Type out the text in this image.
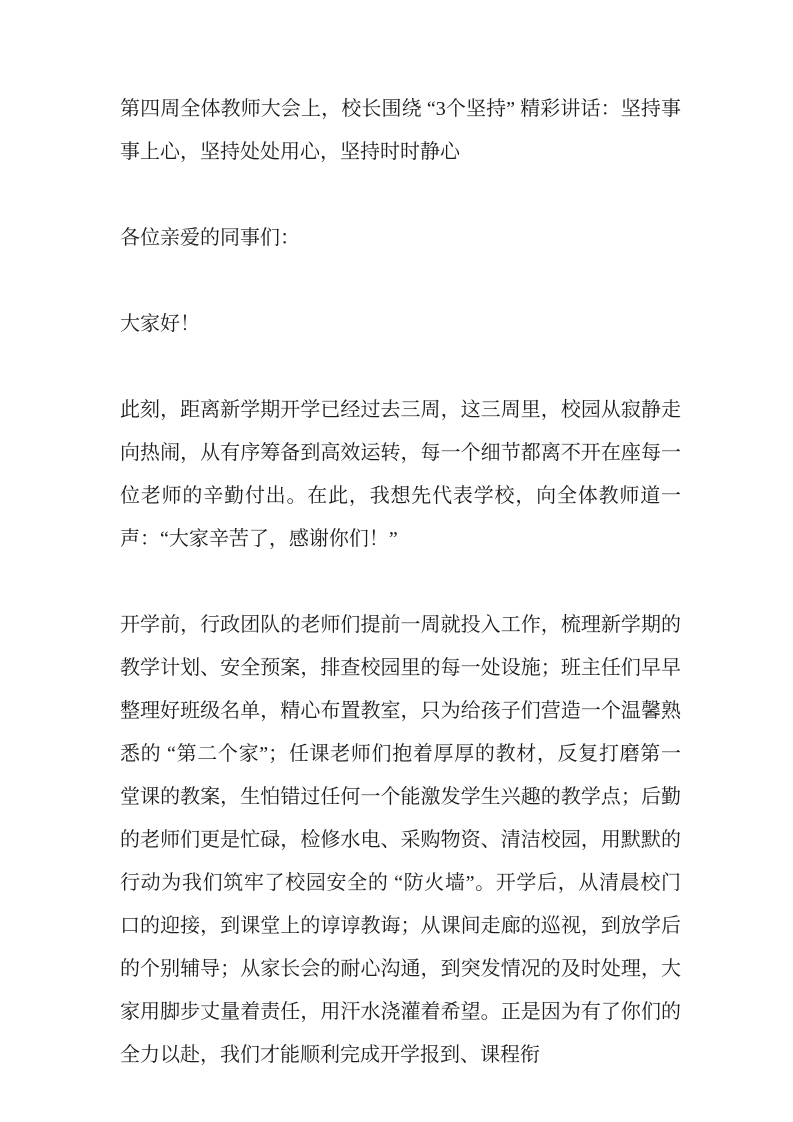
第四周全体教师大会上，校长围绕 “3个坚持” 精彩讲话：坚持事事上心，坚持处处用心，坚持时时静心

各位亲爱的同事们：

大家好！

此刻，距离新学期开学已经过去三周，这三周里，校园从寂静走向热闹，从有序筹备到高效运转，每一个细节都离不开在座每一位老师的辛勤付出。在此，我想先代表学校，向全体教师道一声：“大家辛苦了，感谢你们！”

开学前，行政团队的老师们提前一周就投入工作，梳理新学期的教学计划、安全预案，排查校园里的每一处设施；班主任们早早整理好班级名单，精心布置教室，只为给孩子们营造一个温馨熟悉的 “第二个家”；任课老师们抱着厚厚的教材，反复打磨第一堂课的教案，生怕错过任何一个能激发学生兴趣的教学点；后勤的老师们更是忙碌，检修水电、采购物资、清洁校园，用默默的行动为我们筑牢了校园安全的 “防火墙”。开学后，从清晨校门口的迎接，到课堂上的谆谆教诲；从课间走廊的巡视，到放学后的个别辅导；从家长会的耐心沟通，到突发情况的及时处理，大家用脚步丈量着责任，用汗水浇灌着希望。正是因为有了你们的全力以赴，我们才能顺利完成开学报到、课程衔
